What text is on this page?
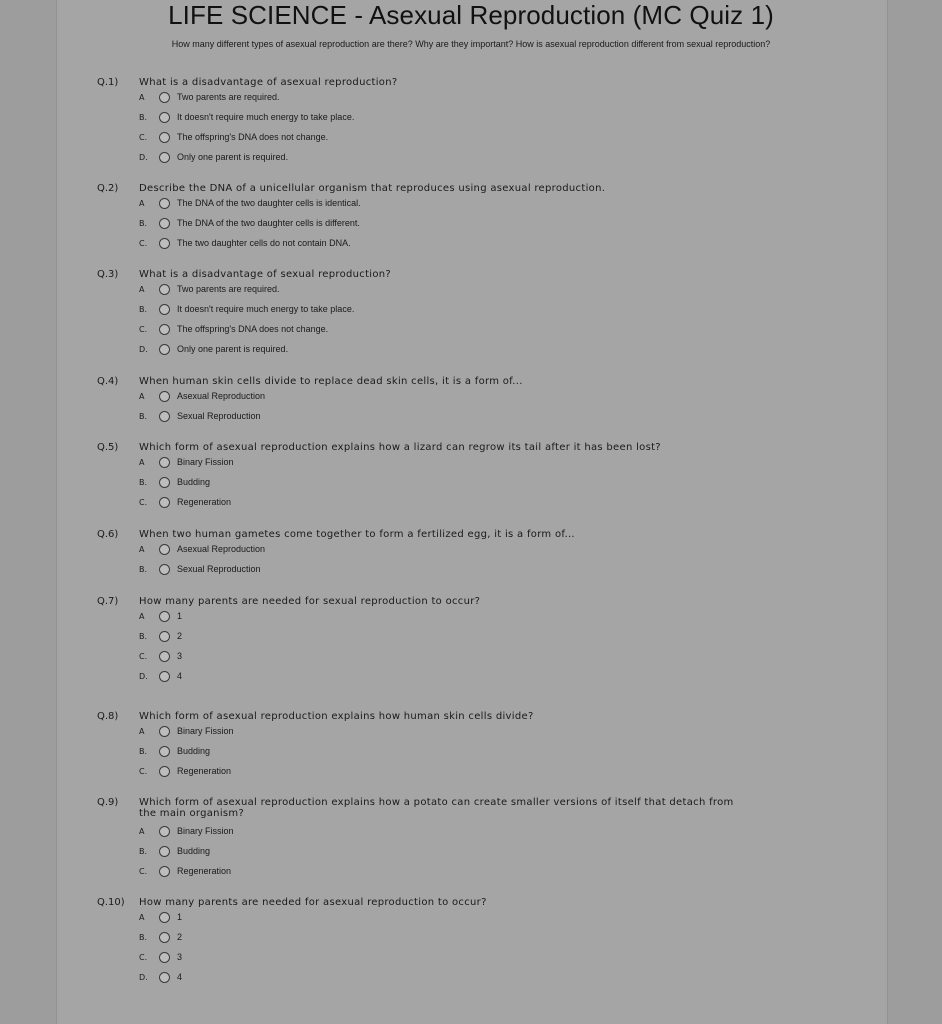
LIFE SCIENCE - Asexual Reproduction (MC Quiz 1)
How many different types of asexual reproduction are there? Why are they important? How is asexual reproduction different from sexual reproduction?
Q.1) What is a disadvantage of asexual reproduction?
A	Two parents are required.
B.	It doesn't require much energy to take place.
C.	The offspring's DNA does not change.
D.	Only one parent is required.
Q.2) Describe the DNA of a unicellular organism that reproduces using asexual reproduction.
A	The DNA of the two daughter cells is identical.
B.	The DNA of the two daughter cells is different.
C.	The two daughter cells do not contain DNA.
Q.3) What is a disadvantage of sexual reproduction?
A	Two parents are required.
B.	It doesn't require much energy to take place.
C.	The offspring's DNA does not change.
D.	Only one parent is required.
Q.4) When human skin cells divide to replace dead skin cells, it is a form of...
A	Asexual Reproduction
B.	Sexual Reproduction
Q.5) Which form of asexual reproduction explains how a lizard can regrow its tail after it has been lost?
A	Binary Fission
B.	Budding
C.	Regeneration
Q.6) When two human gametes come together to form a fertilized egg, it is a form of...
A	Asexual Reproduction
B.	Sexual Reproduction
Q.7) How many parents are needed for sexual reproduction to occur?
A	1
B.	2
C.	3
D.	4
Q.8) Which form of asexual reproduction explains how human skin cells divide?
A	Binary Fission
B.	Budding
C.	Regeneration
Q.9) Which form of asexual reproduction explains how a potato can create smaller versions of itself that detach from the main organism?
A	Binary Fission
B.	Budding
C.	Regeneration
Q.10) How many parents are needed for asexual reproduction to occur?
A	1
B.	2
C.	3
D.	4
